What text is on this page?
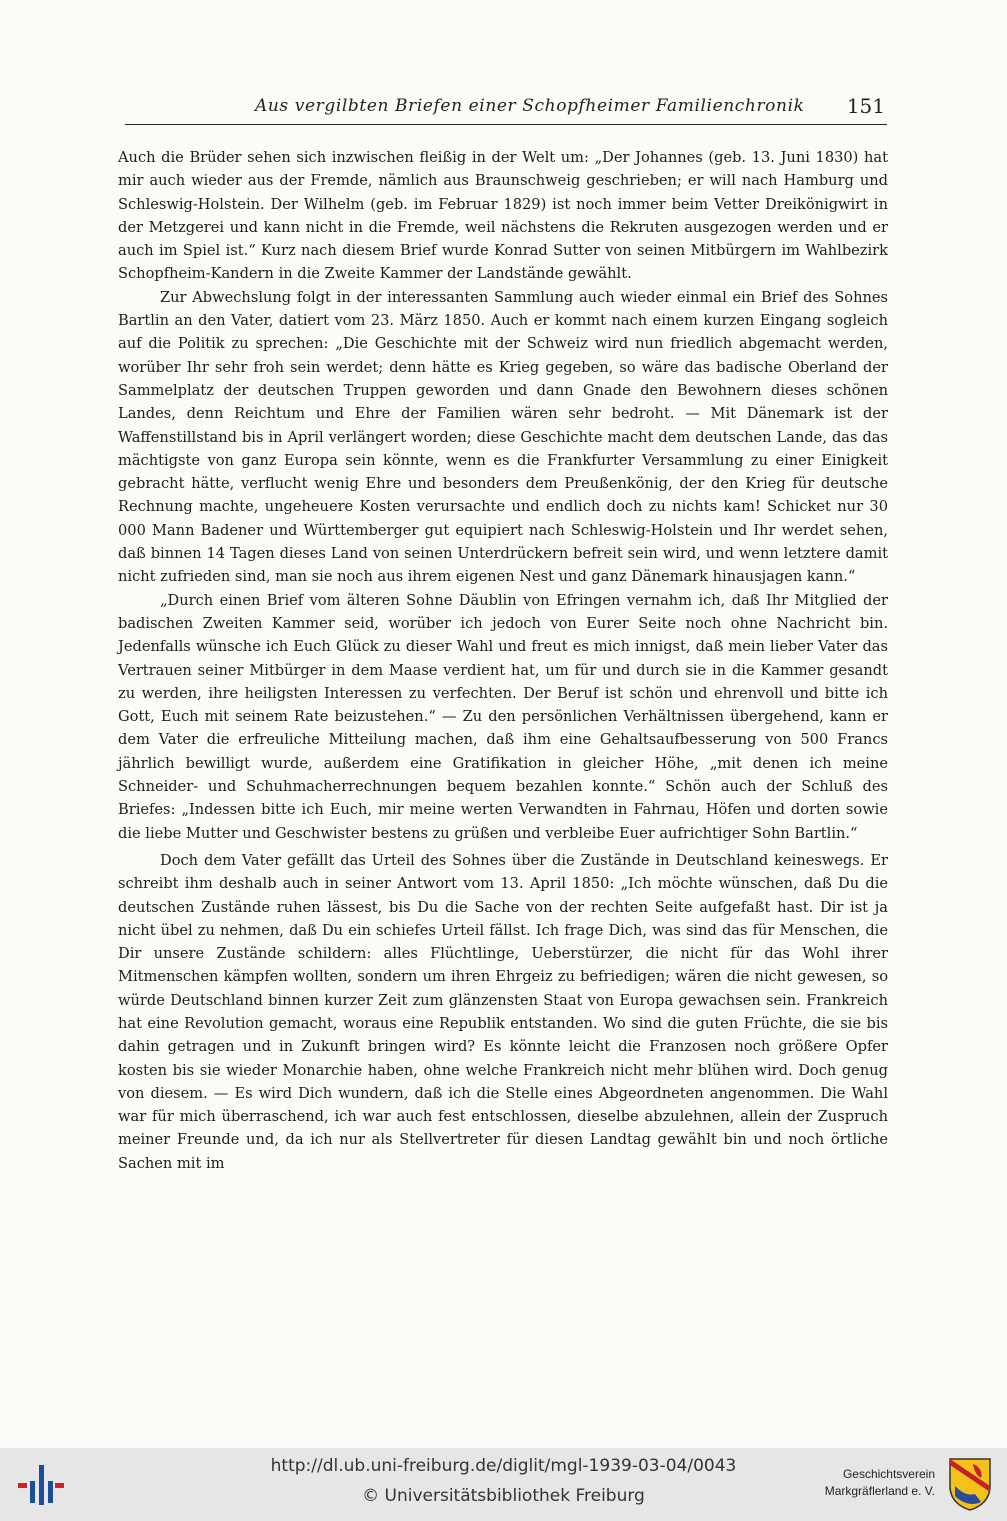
Aus vergilbten Briefen einer Schopfheimer Familienchronik 151

Auch die Brüder sehen sich inzwischen fleißig in der Welt um: „Der Johannes (geb. 13. Juni 1830) hat mir auch wieder aus der Fremde, nämlich aus Braunschweig geschrieben; er will nach Hamburg und Schleswig-Holstein. Der Wilhelm (geb. im Februar 1829) ist noch immer beim Vetter Dreikönigwirt in der Metzgerei und kann nicht in die Fremde, weil nächstens die Rekruten ausgezogen werden und er auch im Spiel ist.“ Kurz nach diesem Brief wurde Konrad Sutter von seinen Mitbürgern im Wahlbezirk Schopfheim-Kandern in die Zweite Kammer der Landstände gewählt.

Zur Abwechslung folgt in der interessanten Sammlung auch wieder einmal ein Brief des Sohnes Bartlin an den Vater, datiert vom 23. März 1850. Auch er kommt nach einem kurzen Eingang sogleich auf die Politik zu sprechen: „Die Geschichte mit der Schweiz wird nun friedlich abgemacht werden, worüber Ihr sehr froh sein werdet; denn hätte es Krieg gegeben, so wäre das badische Oberland der Sammelplatz der deutschen Truppen geworden und dann Gnade den Bewohnern dieses schönen Landes, denn Reichtum und Ehre der Familien wären sehr bedroht. — Mit Dänemark ist der Waffenstillstand bis in April verlängert worden; diese Geschichte macht dem deutschen Lande, das das mächtigste von ganz Europa sein könnte, wenn es die Frankfurter Versammlung zu einer Einigkeit gebracht hätte, verflucht wenig Ehre und besonders dem Preußenkönig, der den Krieg für deutsche Rechnung machte, ungeheuere Kosten verursachte und endlich doch zu nichts kam! Schicket nur 30 000 Mann Badener und Württemberger gut equipiert nach Schleswig-Holstein und Ihr werdet sehen, daß binnen 14 Tagen dieses Land von seinen Unterdrückern befreit sein wird, und wenn letztere damit nicht zufrieden sind, man sie noch aus ihrem eigenen Nest und ganz Dänemark hinausjagen kann.“

„Durch einen Brief vom älteren Sohne Däublin von Efringen vernahm ich, daß Ihr Mitglied der badischen Zweiten Kammer seid, worüber ich jedoch von Eurer Seite noch ohne Nachricht bin. Jedenfalls wünsche ich Euch Glück zu dieser Wahl und freut es mich innigst, daß mein lieber Vater das Vertrauen seiner Mitbürger in dem Maase verdient hat, um für und durch sie in die Kammer gesandt zu werden, ihre heiligsten Interessen zu verfechten. Der Beruf ist schön und ehrenvoll und bitte ich Gott, Euch mit seinem Rate beizustehen.“ — Zu den persönlichen Verhältnissen übergehend, kann er dem Vater die erfreuliche Mitteilung machen, daß ihm eine Gehaltsaufbesserung von 500 Francs jährlich bewilligt wurde, außerdem eine Gratifikation in gleicher Höhe, „mit denen ich meine Schneider- und Schuhmacherrechnungen bequem bezahlen konnte.“ Schön auch der Schluß des Briefes: „Indessen bitte ich Euch, mir meine werten Verwandten in Fahrnau, Höfen und dorten sowie die liebe Mutter und Geschwister bestens zu grüßen und verbleibe Euer aufrichtiger Sohn Bartlin.“

Doch dem Vater gefällt das Urteil des Sohnes über die Zustände in Deutschland keineswegs. Er schreibt ihm deshalb auch in seiner Antwort vom 13. April 1850: „Ich möchte wünschen, daß Du die deutschen Zustände ruhen lässest, bis Du die Sache von der rechten Seite aufgefaßt hast. Dir ist ja nicht übel zu nehmen, daß Du ein schiefes Urteil fällst. Ich frage Dich, was sind das für Menschen, die Dir unsere Zustände schildern: alles Flüchtlinge, Ueberstürzer, die nicht für das Wohl ihrer Mitmenschen kämpfen wollten, sondern um ihren Ehrgeiz zu befriedigen; wären die nicht gewesen, so würde Deutschland binnen kurzer Zeit zum glänzensten Staat von Europa gewachsen sein. Frankreich hat eine Revolution gemacht, woraus eine Republik entstanden. Wo sind die guten Früchte, die sie bis dahin getragen und in Zukunft bringen wird? Es könnte leicht die Franzosen noch größere Opfer kosten bis sie wieder Monarchie haben, ohne welche Frankreich nicht mehr blühen wird. Doch genug von diesem. — Es wird Dich wundern, daß ich die Stelle eines Abgeordneten angenommen. Die Wahl war für mich überraschend, ich war auch fest entschlossen, dieselbe abzulehnen, allein der Zuspruch meiner Freunde und, da ich nur als Stellvertreter für diesen Landtag gewählt bin und noch örtliche Sachen mit im

http://dl.ub.uni-freiburg.de/diglit/mgl-1939-03-04/0043
© Universitätsbibliothek Freiburg
Geschichtsverein
Markgräflerland e. V.
